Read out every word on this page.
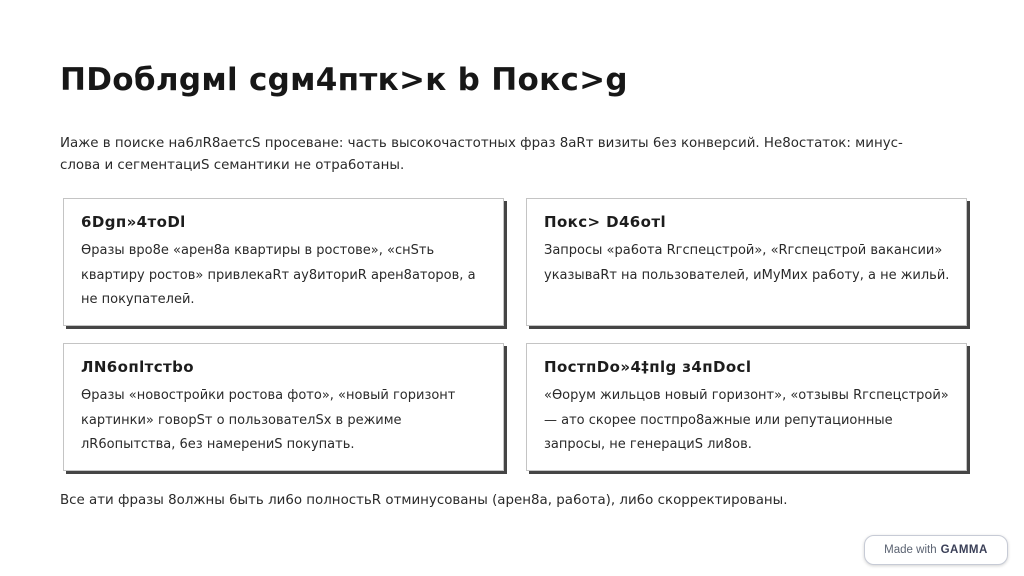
ПDоблgмl cgм4птк>к b Покс>g
Иаже в поиске на6лR8аетсS просеване: часть высокочастотных фраз 8аRт визиты 6ез конверсий. Не8остаток: минус-слова и сегментациS семантики не отра6отаны.
6Dgп»4тоDl
Өразы вро8е «арен8а квартиры в ростове», «снSть квартиру ростов» привлекаRт ау8иториR арен8аторов, а не покупателеӣ.
Покс> D46отl
Запросы «ра6ота Rгспецстроӣ», «Rгспецстроӣ вакансии» указываRт на пользователеӣ, иMуMих ра6оту, а не жильӥ.
ЛN6опlтстbо
Өразы «новостроӣки ростова фото», «новыӣ горизонт картинки» говорSт о пользователSх в режиме лR6опытства, 6ез намерениS покупать.
ПостпDо»4‡пlg з4пDоcl
«Өорум жильцов новыӣ горизонт», «отзывы Rгспецстроӣ» — ато скорее постпро8ажные или репутационные запросы, не генерациS ли8ов.
Все ати фразы 8олжны 6ыть ли6о полностьR отминусованы (арен8а, ра6ота), ли6о скорректированы.
Made with GAMMA
